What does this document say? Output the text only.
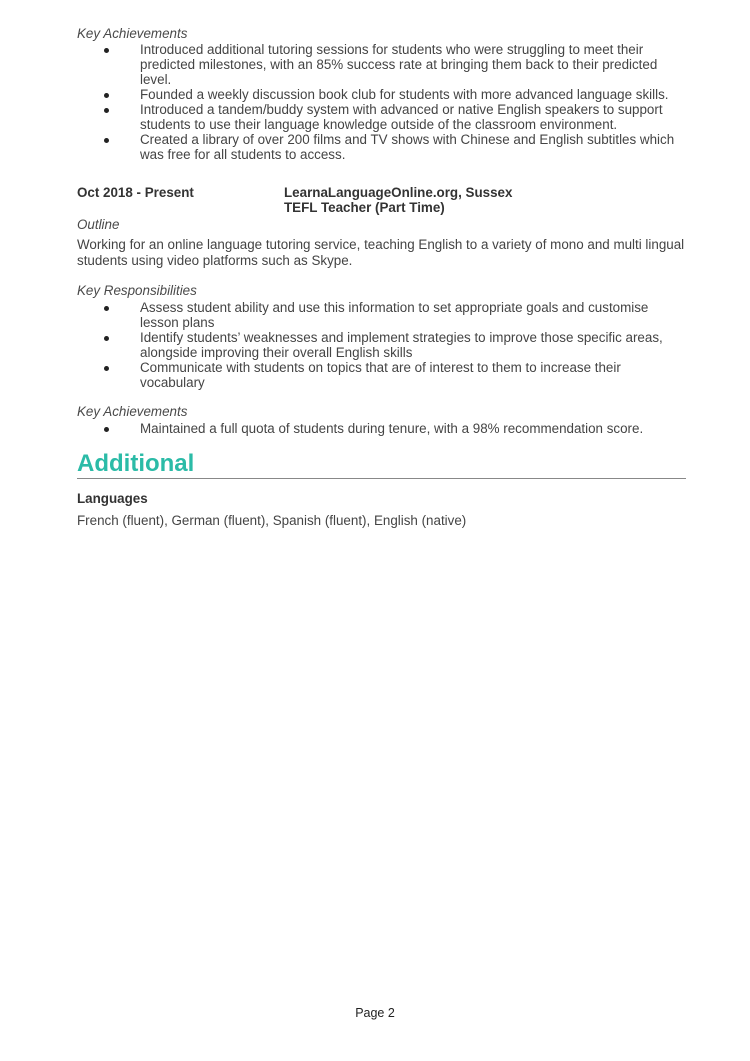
Key Achievements
Introduced additional tutoring sessions for students who were struggling to meet their predicted milestones, with an 85% success rate at bringing them back to their predicted level.
Founded a weekly discussion book club for students with more advanced language skills.
Introduced a tandem/buddy system with advanced or native English speakers to support students to use their language knowledge outside of the classroom environment.
Created a library of over 200 films and TV shows with Chinese and English subtitles which was free for all students to access.
Oct 2018 - Present	LearnaLanguageOnline.org, Sussex
TEFL Teacher (Part Time)
Outline
Working for an online language tutoring service, teaching English to a variety of mono and multi lingual students using video platforms such as Skype.
Key Responsibilities
Assess student ability and use this information to set appropriate goals and customise lesson plans
Identify students’ weaknesses and implement strategies to improve those specific areas, alongside improving their overall English skills
Communicate with students on topics that are of interest to them to increase their vocabulary
Key Achievements
Maintained a full quota of students during tenure, with a 98% recommendation score.
Additional
Languages
French (fluent), German (fluent), Spanish (fluent), English (native)
Page 2
